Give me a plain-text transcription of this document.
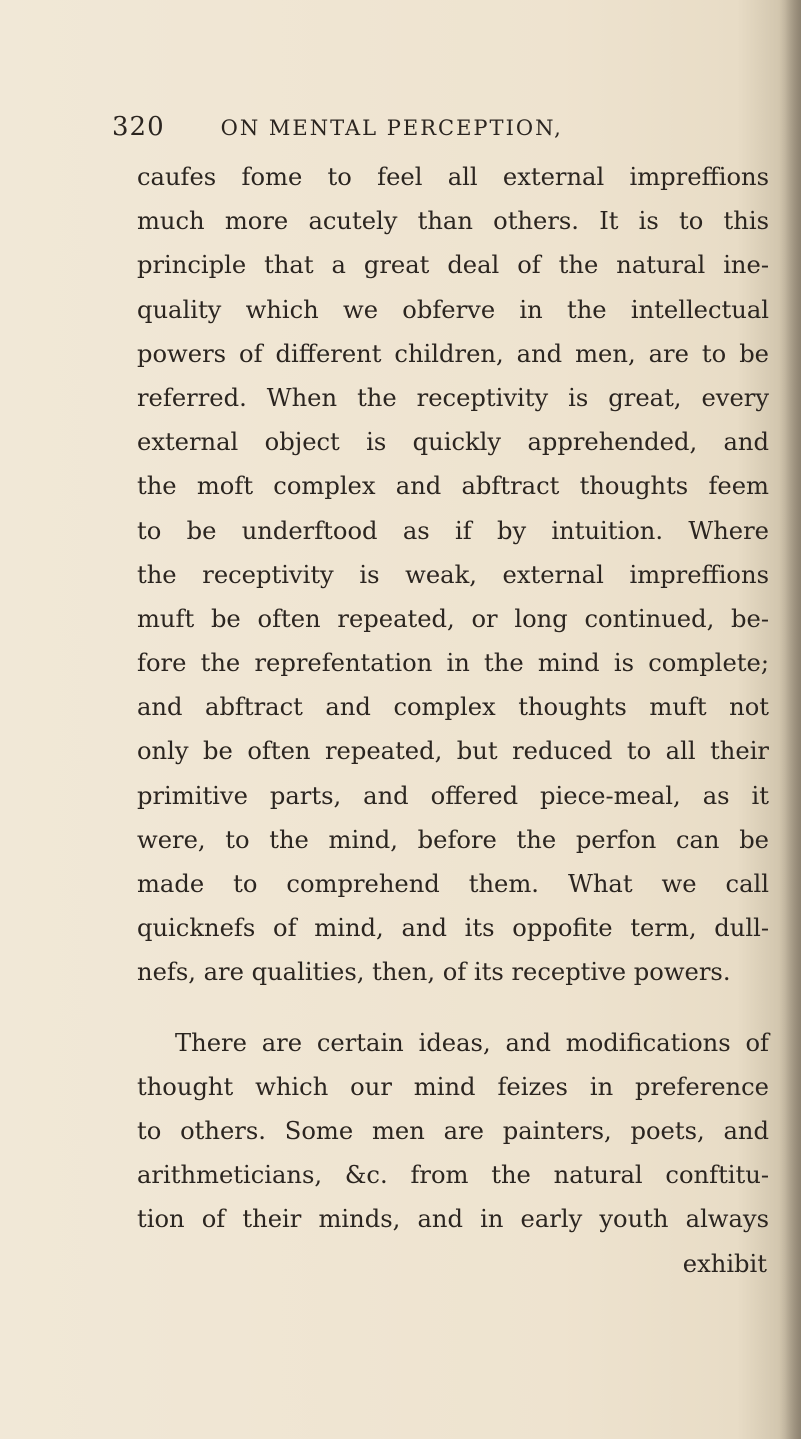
320	ON MENTAL PERCEPTION,
caufes fome to feel all external impreffions
much more acutely than others. It is to this
principle that a great deal of the natural ine-
quality which we obferve in the intellectual
powers of different children, and men, are to be
referred. When the receptivity is great, every
external object is quickly apprehended, and
the moft complex and abftract thoughts feem
to be underftood as if by intuition. Where
the receptivity is weak, external impreffions
muft be often repeated, or long continued, be-
fore the reprefentation in the mind is complete;
and abftract and complex thoughts muft not
only be often repeated, but reduced to all their
primitive parts, and offered piece-meal, as it
were, to the mind, before the perfon can be
made to comprehend them. What we call
quicknefs of mind, and its oppofite term, dull-
nefs, are qualities, then, of its receptive powers.
There are certain ideas, and modifications of
thought which our mind feizes in preference
to others. Some men are painters, poets, and
arithmeticians, &c. from the natural conftitu-
tion of their minds, and in early youth always
exhibit
